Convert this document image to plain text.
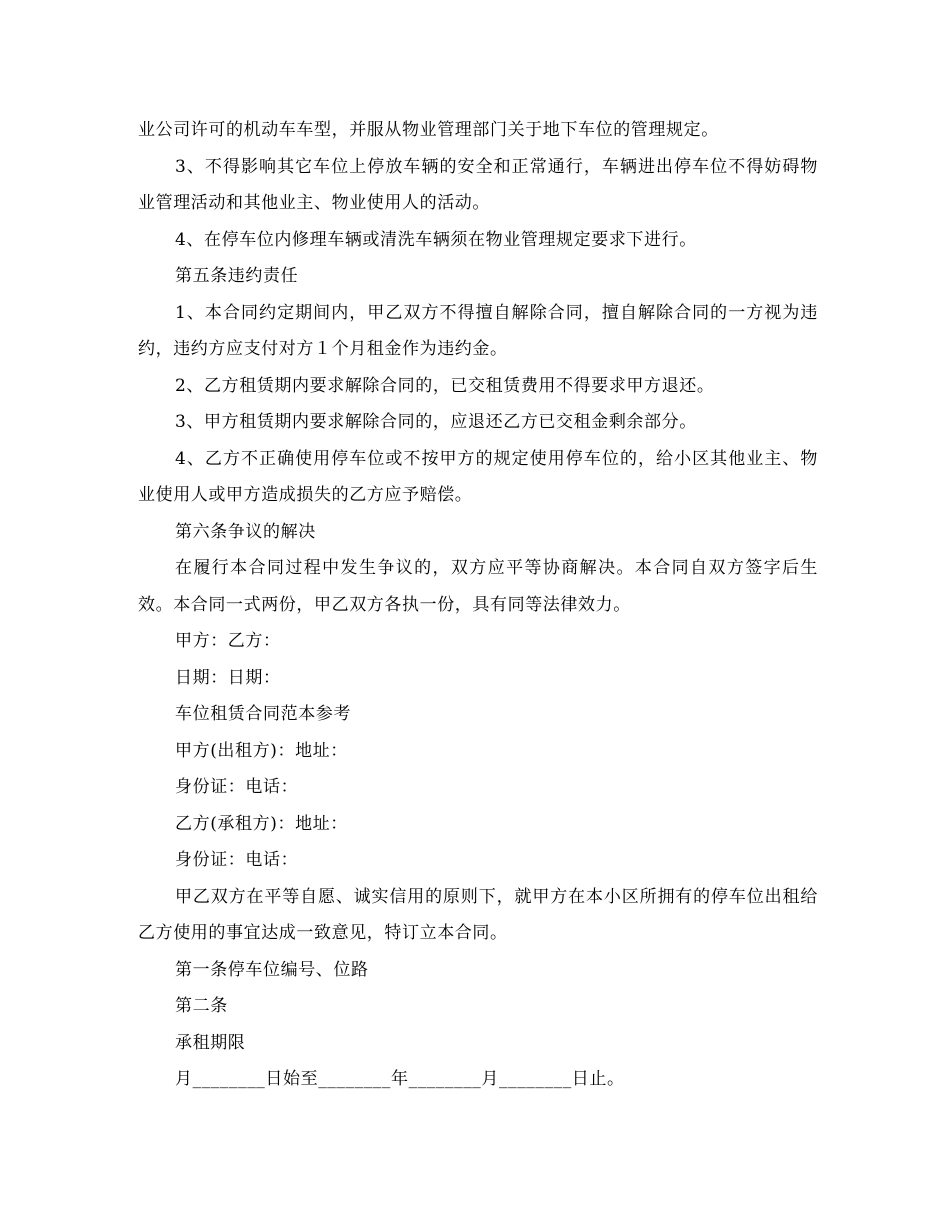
业公司许可的机动车车型，并服从物业管理部门关于地下车位的管理规定。

3、不得影响其它车位上停放车辆的安全和正常通行，车辆进出停车位不得妨碍物业管理活动和其他业主、物业使用人的活动。

4、在停车位内修理车辆或清洗车辆须在物业管理规定要求下进行。

第五条违约责任

1、本合同约定期间内，甲乙双方不得擅自解除合同，擅自解除合同的一方视为违约，违约方应支付对方１个月租金作为违约金。

2、乙方租赁期内要求解除合同的，已交租赁费用不得要求甲方退还。

3、甲方租赁期内要求解除合同的，应退还乙方已交租金剩余部分。

4、乙方不正确使用停车位或不按甲方的规定使用停车位的，给小区其他业主、物业使用人或甲方造成损失的乙方应予赔偿。

第六条争议的解决

在履行本合同过程中发生争议的，双方应平等协商解决。本合同自双方签字后生效。本合同一式两份，甲乙双方各执一份，具有同等法律效力。

甲方：乙方：

日期：日期：

车位租赁合同范本参考

甲方(出租方)：地址：

身份证：电话：

乙方(承租方)：地址：

身份证：电话：

甲乙双方在平等自愿、诚实信用的原则下，就甲方在本小区所拥有的停车位出租给乙方使用的事宜达成一致意见，特订立本合同。

第一条停车位编号、位路

第二条

承租期限

月________日始至________年________月________日止。
